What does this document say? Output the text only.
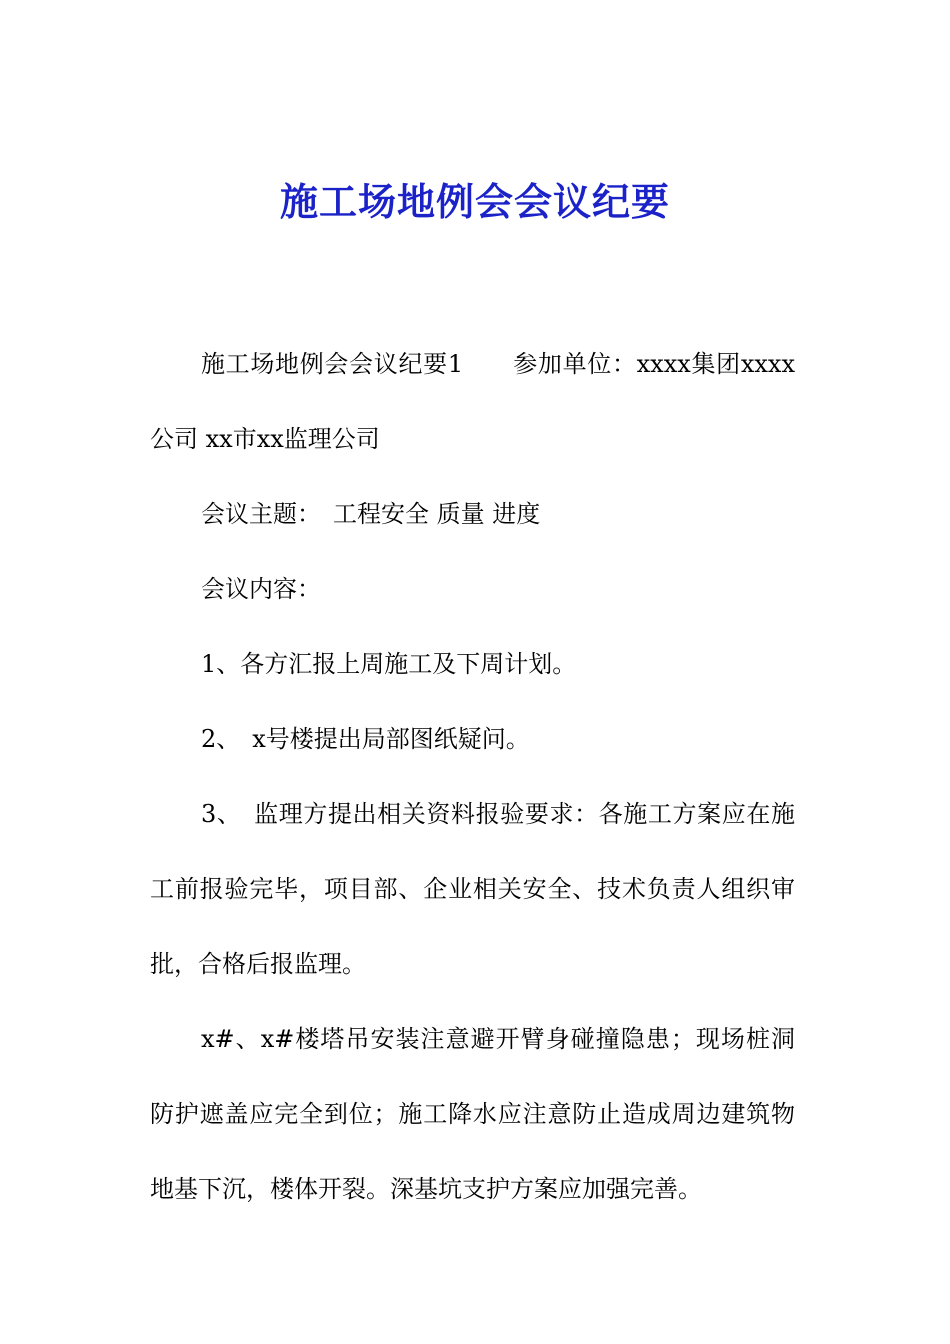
施工场地例会会议纪要

施工场地例会会议纪要1　　参加单位：xxxx集团xxxx公司 xx市xx监理公司

会议主题：　工程安全 质量 进度

会议内容：

1、各方汇报上周施工及下周计划。

2、　x号楼提出局部图纸疑问。

3、　监理方提出相关资料报验要求：各施工方案应在施工前报验完毕，项目部、企业相关安全、技术负责人组织审批，合格后报监理。

x#、x#楼塔吊安装注意避开臂身碰撞隐患；现场桩洞防护遮盖应完全到位；施工降水应注意防止造成周边建筑物地基下沉，楼体开裂。深基坑支护方案应加强完善。
